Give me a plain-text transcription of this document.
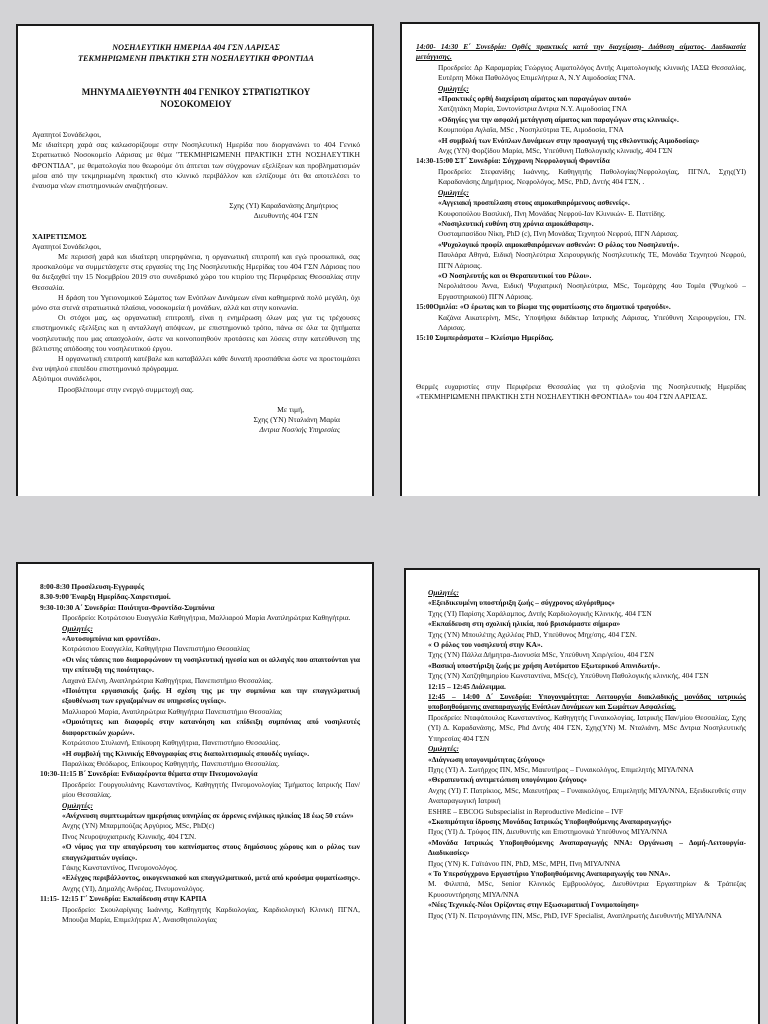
ΝΟΣΗΛΕΥΤΙΚΗ ΗΜΕΡΙΔΑ 404 ΓΣΝ ΛΑΡΙΣΑΣ

ΤΕΚΜΗΡΙΩΜΕΝΗ ΠΡΑΚΤΙΚΗ ΣΤΗ ΝΟΣΗΛΕΥΤΙΚΗ ΦΡΟΝΤΙΔΑ

ΜΗΝΥΜΑ ΔΙΕΥΘΥΝΤΗ 404 ΓΕΝΙΚΟΥ ΣΤΡΑΤΙΩΤΙΚΟΥ

ΝΟΣΟΚΟΜΕΙΟΥ

Αγαπητοί Συνάδελφοι,

Με ιδιαίτερη χαρά σας καλωσορίζουμε στην Νοσηλευτική Ημερίδα που διοργανώνει το 404 Γενικό Στρατιωτικό Νοσοκομείο Λάρισας με θέμα "ΤΕΚΜΗΡΙΩΜΕΝΗ ΠΡΑΚΤΙΚΗ ΣΤΗ ΝΟΣΗΛΕΥΤΙΚΗ ΦΡΟΝΤΙΔΑ", με θεματολογία που θεωρούμε ότι άπτεται των σύγχρονων εξελίξεων και προβληματισμών μέσα από την τεκμηριωμένη πρακτική στο κλινικό περιβάλλον και ελπίζουμε ότι θα αποτελέσει το έναυσμα νέων επιστημονικών αναζητήσεων.

Σχης (ΥΙ) Καραδανάσης Δημήτριος

Διευθυντής 404 ΓΣΝ

ΧΑΙΡΕΤΙΣΜΟΣ

Αγαπητοί Συνάδελφοι,

Με περισσή χαρά και ιδιαίτερη υπερηφάνεια, η οργανωτική επιτροπή και εγώ προσωπικά, σας προσκαλούμε να συμμετάσχετε στις εργασίες της 1ης Νοσηλευτικής Ημερίδας του 404 ΓΣΝ Λάρισας που θα διεξαχθεί την 15 Νοεμβρίου 2019 στο συνεδριακό χώρο του κτιρίου της Περιφέρειας Θεσσαλίας στην Θεσσαλία.

Η δράση του Υγειονομικού Σώματος των Ενόπλων Δυνάμεων είναι καθημερινά πολύ μεγάλη, όχι μόνο στα στενά στρατιωτικά πλαίσια, νοσοκομεία ή μονάδων, αλλά και στην κοινωνία.

Οι στόχοι μας, ως οργανωτική επιτροπή, είναι η ενημέρωση όλων μας για τις τρέχουσες επιστημονικές εξελίξεις και η ανταλλαγή απόψεων, με επιστημονικό τρόπο, πάνω σε όλα τα ζητήματα νοσηλευτικής που μας απασχολούν, ώστε να κοινοποιηθούν προτάσεις και λύσεις στην κατεύθυνση της βέλτιστης απόδοσης του νοσηλευτικού έργου.

Η οργανωτική επιτροπή κατέβαλε και καταβάλλει κάθε δυνατή προσπάθεια ώστε να προετοιμάσει ένα υψηλού επιπέδου επιστημονικό πρόγραμμα.

Αξιότιμοι συνάδελφοι,

Προσβλέπουμε στην ενεργό συμμετοχή σας.

Με τιμή,

Σχης (ΥΝ) Νταλιάνη Μαρία

Δντρια Νοσ/κής Υπηρεσίας

14:00- 14:30 Ε΄ Συνεδρία: Ορθές πρακτικές κατά την διαχείριση- Διάθεση αίματος- Διαδικασία μετάγγισης.

Προεδρείο: Δρ Καραμαρίας Γεώργιος Αιματολόγος Δντής Αιματολογικής κλινικής ΙΑΣΩ Θεσσαλίας, Ευτέρπη Μόκα Παθολόγος Επιμελήτρια Α, Ν.Υ Αιμοδοσίας ΓΝΑ.

Ομιλητές:

«Πρακτικές ορθή διαχείριση αίματος και παραγώγων αυτού»

Χατζητάκη Μαρία, Συντονίστρια Δντρια Ν.Υ. Αιμοδοσίας ΓΝΑ

«Οδηγίες για την ασφαλή μετάγγιση αίματος και παραγώγων στις κλινικές».

Κουμπούρα Αγλαΐα, MSc , Νοσηλεύτρια ΤΕ, Αιμοδοσία, ΓΝΑ

«Η συμβολή των Ενόπλων Δυνάμεων στην προαγωγή της εθελοντικής Αιμοδοσίας»

Ανχς (ΥΝ) Φορζίδου Μαρία, MSc, Υπεύθυνη Παθολογικής κλινικής, 404 ΓΣΝ

14:30-15:00 ΣΤ΄ Συνεδρία: Σύγχρονη Νεφρολογική Φροντίδα

Προεδρείο: Στεφανίδης Ιωάννης, Καθηγητής Παθολογίας/Νεφρολογίας, ΠΓΝΛ, Σχης(ΥΙ) Καραδανάσης Δημήτριος, Νεφρολόγος, MSc, PhD, Δντής 404 ΓΣΝ, .

Ομιλητές:

«Αγγειακή προσπέλαση στους αιμοκαθαιρόμενους ασθενείς».

Κουφοπούλου Βασιλική, Πνη Μονάδας Νεφρού-Ιαν Κλινικών- Ε. Παττίδης.

«Νοσηλευτική ευθύνη στη χρόνια αιμοκάθαρση».

Ουσταμπασίδου Νίκη, PhD (c), Πνη Μονάδας Τεχνητού Νεφρού, ΠΓΝ Λάρισας.

«Ψυχολογικό προφίλ αιμοκαθαιρόμενων ασθενών: Ο ρόλος του Νοσηλευτή».

Παυλάρα Αθηνά, Ειδική Νοσηλεύτρια Χειρουργικής Νοσηλευτικής ΤΕ, Μονάδα Τεχνητού Νεφρού, ΠΓΝ Λάρισας.

«Ο Νοσηλευτής και οι Θεραπευτικοί του Ρόλοι».

Νερολιάτσου Άννα, Ειδική Ψυχιατρική Νοσηλεύτρια, MSc, Τομεάρχης 4ου Τομέα (Ψυχ/κού – Εργαστηριακού) ΠΓΝ Λάρισας.

15:00Ομιλία: «Ο έρωτας και το βίωμα της φυματίωσης στο δημοτικό τραγούδι».

Καζάνα Αικατερίνη, MSc, Υποψήφια διδάκτωρ Ιατρικής Λάρισας, Υπεύθυνη Χειρουργείου, ΓΝ. Λάρισας.

15:10 Συμπεράσματα – Κλείσιμο Ημερίδας.

Θερμές ευχαριστίες στην Περιφέρεια Θεσσαλίας για τη φιλοξενία της Νοσηλευτικής Ημερίδας «ΤΕΚΜΗΡΙΩΜΕΝΗ ΠΡΑΚΤΙΚΗ ΣΤΗ ΝΟΣΗΛΕΥΤΙΚΗ ΦΡΟΝΤΙΔΑ» του 404 ΓΣΝ ΛΑΡΙΣΑΣ.

8:00-8:30 Προσέλευση-Εγγραφές

8.30-9:00 Έναρξη Ημερίδας-Χαιρετισμοί.

9:30-10:30 Α΄ Συνεδρία: Ποιότητα-Φροντίδα-Συμπόνια

Προεδρείο: Κοτρώτσιου Ευαγγελία Καθηγήτρια, Μαλλιαρού Μαρία Αναπληρώτρια Καθηγήτρια.

Ομιλητές:

«Αυτοσυμπόνια και φροντίδα».

Κοτρώτσιου Ευαγγελία, Καθηγήτρια Πανεπιστήμιο Θεσσαλίας

«Οι νέες τάσεις που διαμορφώνουν τη νοσηλευτική ηγεσία και οι αλλαγές που απαιτούνται για την επίτευξη της ποιότητας».

Λαχανά Ελένη, Αναπληρώτρια Καθηγήτρια, Πανεπιστήμιο Θεσσαλίας.

«Ποιότητα εργασιακής ζωής. Η σχέση της με την συμπόνια και την επαγγελματική εξουθένωση των εργαζομένων σε υπηρεσίες υγείας».

Μαλλιαρού Μαρία, Αναπληρώτρια Καθηγήτρια Πανεπιστήμιο Θεσσαλίας

«Ομοιότητες και διαφορές στην κατανόηση και επίδειξη συμπόνιας από νοσηλευτές διαφορετικών χωρών».

Κοτρώτσιου Στυλιανή, Επίκουρη Καθηγήτρια, Πανεπιστήμιο Θεσσαλίας.

«Η συμβολή της Κλινικής Εθνογραφίας στις διαπολιτισμικές σπουδές υγείας».

Παραλίκας Θεόδωρος, Επίκουρος Καθηγητής, Πανεπιστήμιο Θεσσαλίας.

10:30-11:15 Β΄ Συνεδρία: Ενδιαφέροντα θέματα στην Πνευμονολογία

Προεδρείο: Γουργουλιάνης Κωνσταντίνος, Καθηγητής Πνευμονολογίας Τμήματος Ιατρικής Παν/μίου Θεσσαλίας.

Ομιλητές:

«Ανίχνευση συμπτωμάτων ημερήσιας υπνηλίας σε άρρενες ενήλικες ηλικίας 18 έως 50 ετών»

Ανχης (ΥΝ) Μπαρμπούζας Αργύριος, MSc, PhD(c)

Πνος Νευροψυχιατρικής Κλινικής, 404 ΓΣΝ.

«Ο νόμος για την απαγόρευση του καπνίσματος στους δημόσιους χώρους και ο ρόλος των επαγγελματιών υγείας».

Γάκης Κωνσταντίνος, Πνευμονολόγος.

«Ελέγχος περιβάλλοντος, οικογενειακού και επαγγελματικού, μετά από κρούσμα φυματίωσης».

Ανχης (ΥΙ), Δημαλής Ανδρέας, Πνευμονολόγος.

11:15- 12:15 Γ΄ Συνεδρία: Εκπαίδευση στην ΚΑΡΠΑ

Προεδρείο: Σκουλαρίγκης Ιωάννης, Καθηγητής Καρδιολογίας, Καρδιολογική Κλινική ΠΓΝΛ, Μπουζια Μαρία, Επιμελήτρια Α', Αναισθησιολογίας

Ομιλητές:

«Εξειδικευμένη υποστήριξη ζωής – σύγχρονος αλγόριθμος»

Τχης (ΥΙ) Παρίσης Χαράλαμπος, Δντής Καρδιολογικής Κλινικής, 404 ΓΣΝ

«Εκπαίδευση στη σχολική ηλικία, πού βρισκόμαστε σήμερα»

Τχης (ΥΝ) Μπουλέτης Αχιλλέας PhD, Υπεύθυνος Μηχ/σης, 404 ΓΣΝ.

« Ο ρόλος του νοσηλευτή στην ΚΑ».

Τχης (ΥΝ) Πάλλα Δήμητρα-Διονυσία MSc, Υπεύθυνη Χειρ/γείου, 404 ΓΣΝ

«Βασική υποστήριξη ζωής με χρήση Αυτόματου Εξωτερικού Απινιδωτή».

Τχης (ΥΝ) Χατζηθημηρίου Κωνσταντίνα, MSc(c), Υπεύθυνη Παθολογικής κλινικής, 404 ΓΣΝ

12:15 – 12:45 Διάλειμμα.

12:45 – 14:00 Δ΄ Συνεδρία: Υπογονιμότητα: Λειτουργία διακλαδικής μονάδας ιατρικώς υποβοηθούμενης αναπαραγωγής Ενόπλων Δυνάμεων και Σωμάτων Ασφαλείας.

Προεδρείο: Νταφόπουλος Κωνσταντίνος, Καθηγητής Γυναικολογίας, Ιατρικής Παν/μίου Θεσσαλίας, Σχης (ΥΙ) Δ. Καραδανάσης, MSc, Phd Δντής 404 ΓΣΝ, Σχης(ΥΝ) Μ. Νταλιάνη, MSc Δντρια Νοσηλευτικής Υπηρεσίας 404 ΓΣΝ

Ομιλητές:

«Διάγνωση υπογονιμότητας ζεύγους»

Πχης (ΥΙ) Α. Σωτήρχος ΠΝ, MSc, Μαιευτήρας – Γυναικολόγος, Επιμελητής ΜΙΥΑ/ΝΝΑ

«Θεραπευτική αντιμετώπιση υπογόνιμου ζεύγους»

Ανχης (ΥΙ) Γ. Πατρίκιος, MSc, Μαιευτήρας – Γυναικολόγος, Επιμελητής ΜΙΥΑ/ΝΝΑ, Εξειδικευθείς στην Αναπαραγωγική Ιατρική

ESHRE – EBCOG Subspecialist in Reproductive Medicine – IVF

«Σκοπιμότητα ίδρυσης Μονάδας Ιατρικώς Υποβοηθούμενης Αναπαραγωγής»

Πχος (ΥΙ) Δ. Τρύφος ΠΝ, Διευθυντής και Επιστημονικά Υπεύθυνος ΜΙΥΑ/ΝΝΑ

«Μονάδα Ιατρικώς Υποβοηθούμενης Αναπαραγωγής ΝΝΑ: Οργάνωση – Δομή-Λειτουργία- Διαδικασίες»

Πχος (ΥΝ) Κ. Γαϊτάνου ΠΝ, PhD, MSc, MPH, Πνη ΜΙΥΑ/ΝΝΑ

« Το Υπερσύγχρονο Εργαστήριο Υποβοηθούμενης Αναπαραγωγής του ΝΝΑ».

Μ. Φιλιππά, MSc, Senior Κλινικός Εμβρυολόγος, Διευθύντρια Εργαστηρίων & Τράπεζας Κρυοσυντήρησης ΜΙΥΑ/ΝΝΑ

«Νέες Τεχνικές-Νέοι Ορίζοντες στην Εξωσωματική Γονιμοποίηση»

Πχος (ΥΙ) Ν. Πετρογιάννης ΠΝ, MSc, PhD, IVF Specialist, Αναπληρωτής Διευθυντής ΜΙΥΑ/ΝΝΑ
